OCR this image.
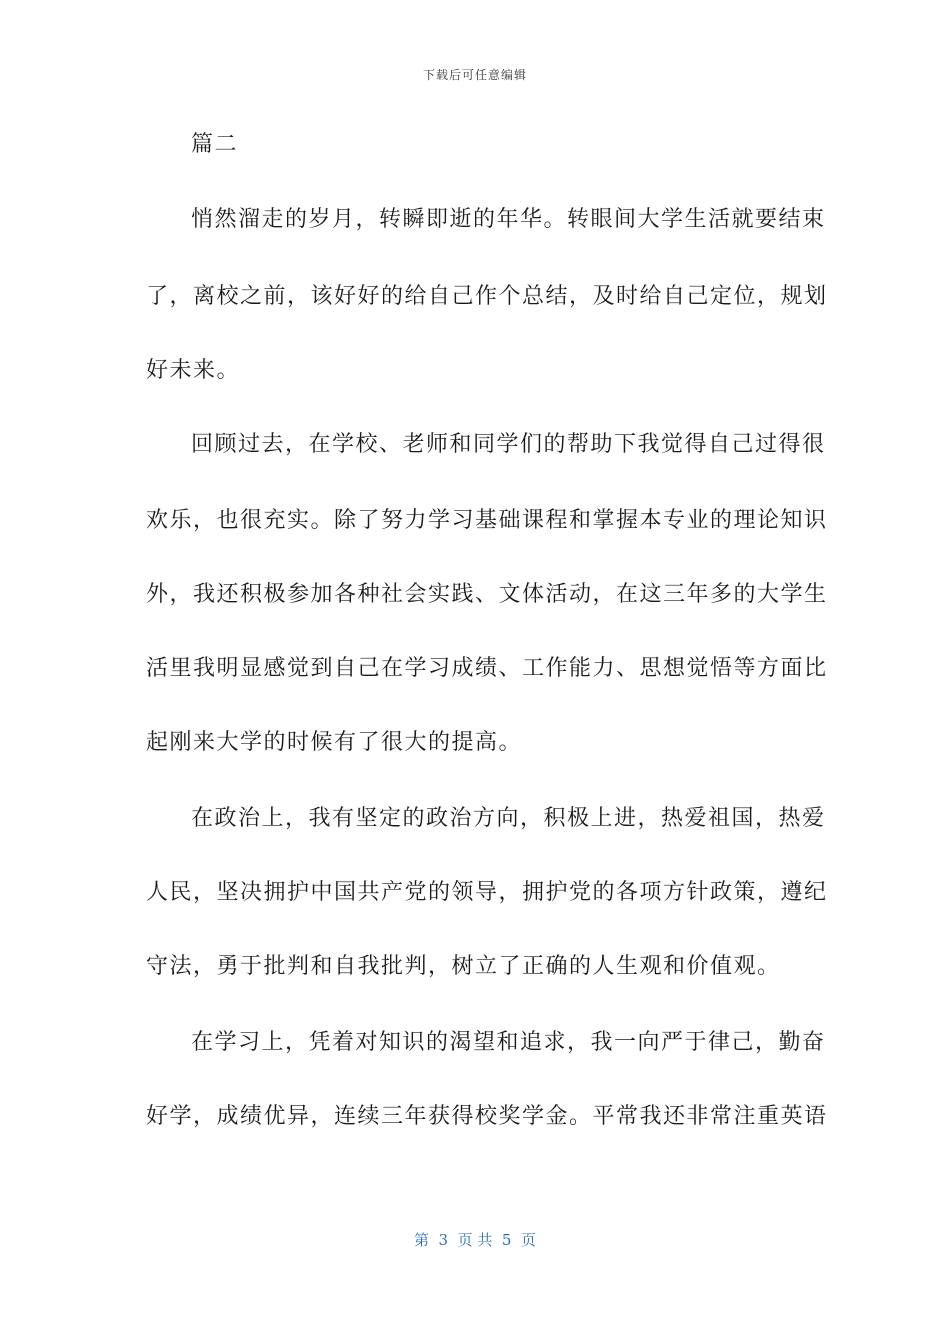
下载后可任意编辑
篇二
悄然溜走的岁月，转瞬即逝的年华。转眼间大学生活就要结束
了，离校之前，该好好的给自己作个总结，及时给自己定位，规划
好未来。
回顾过去，在学校、老师和同学们的帮助下我觉得自己过得很
欢乐，也很充实。除了努力学习基础课程和掌握本专业的理论知识
外，我还积极参加各种社会实践、文体活动，在这三年多的大学生
活里我明显感觉到自己在学习成绩、工作能力、思想觉悟等方面比
起刚来大学的时候有了很大的提高。
在政治上，我有坚定的政治方向，积极上进，热爱祖国，热爱
人民，坚决拥护中国共产党的领导，拥护党的各项方针政策，遵纪
守法，勇于批判和自我批判，树立了正确的人生观和价值观。
在学习上，凭着对知识的渴望和追求，我一向严于律己，勤奋
好学，成绩优异，连续三年获得校奖学金。平常我还非常注重英语
第  3  页 共  5  页
